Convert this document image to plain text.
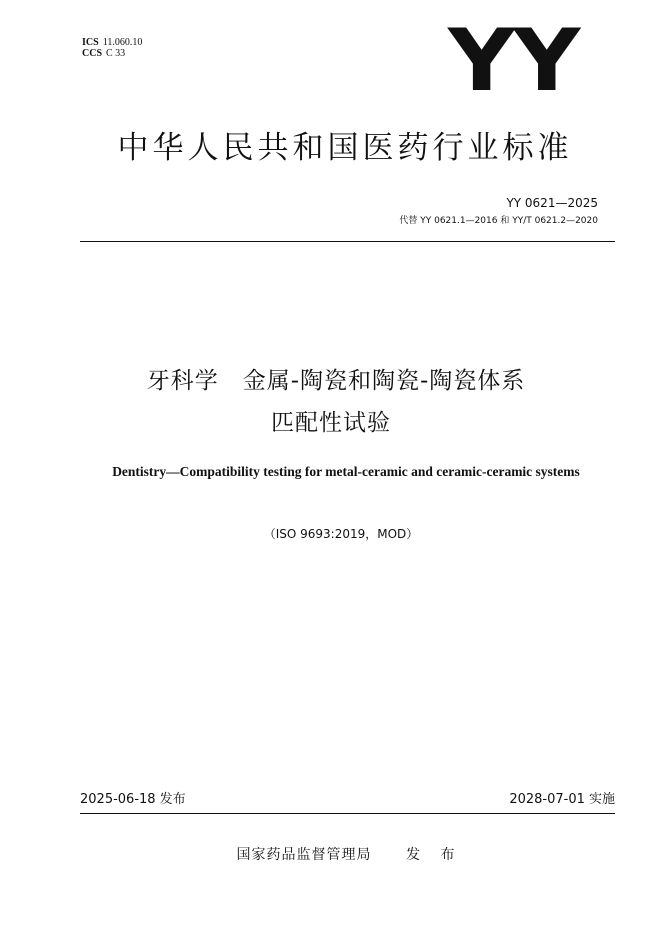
ICS 11.060.10
CCS C 33	YY
中华人民共和国医药行业标准
YY 0621—2025
代替 YY 0621.1—2016 和 YY/T 0621.2—2020
牙科学　金属-陶瓷和陶瓷-陶瓷体系
匹配性试验
Dentistry—Compatibility testing for metal-ceramic and ceramic-ceramic systems
（ISO 9693:2019，MOD）
2025-06-18 发布	2028-07-01 实施
国家药品监督管理局　 发 布
